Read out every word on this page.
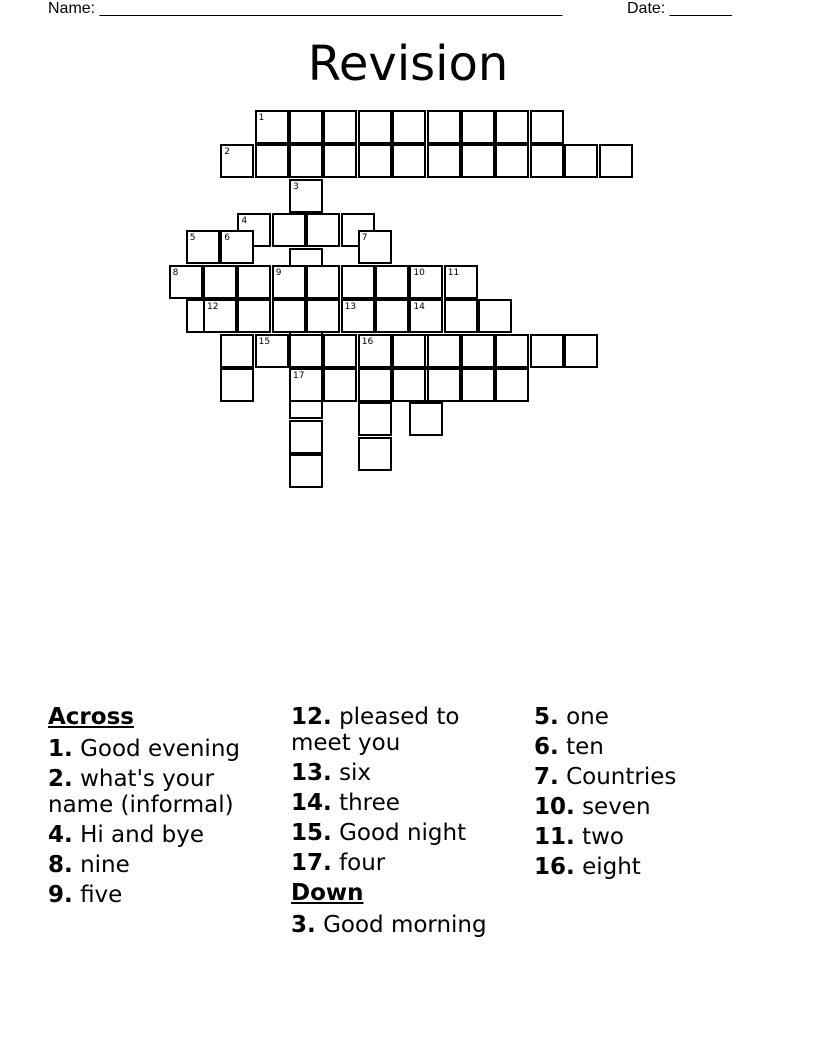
Name: ____________________________________________________	Date: _______
Revision
1
2
3
4
5	6	7
16
8	9	10	11
14
12	13
15
17
Across
1. Good evening
2. what's your name (informal)
4. Hi and bye
8. nine
9. five
12. pleased to meet you
13. six
14. three
15. Good night
17. four
Down
3. Good morning
5. one
6. ten
7. Countries
10. seven
11. two
16. eight
